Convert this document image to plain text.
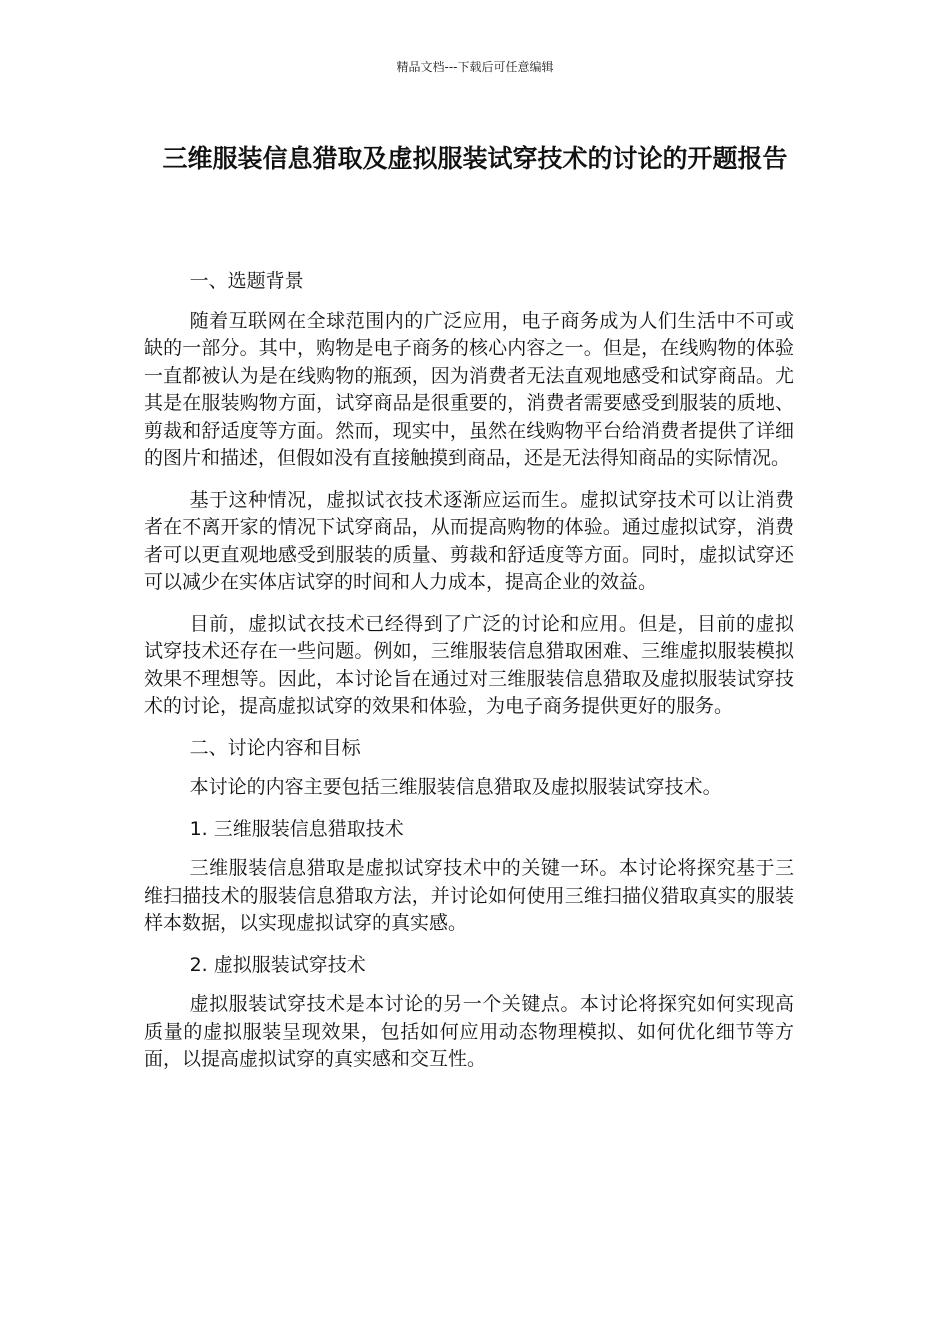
精品文档---下载后可任意编辑
三维服装信息猎取及虚拟服装试穿技术的讨论的开题报告

一、选题背景

随着互联网在全球范围内的广泛应用，电子商务成为人们生活中不可或缺的一部分。其中，购物是电子商务的核心内容之一。但是，在线购物的体验一直都被认为是在线购物的瓶颈，因为消费者无法直观地感受和试穿商品。尤其是在服装购物方面，试穿商品是很重要的，消费者需要感受到服装的质地、剪裁和舒适度等方面。然而，现实中，虽然在线购物平台给消费者提供了详细的图片和描述，但假如没有直接触摸到商品，还是无法得知商品的实际情况。

基于这种情况，虚拟试衣技术逐渐应运而生。虚拟试穿技术可以让消费者在不离开家的情况下试穿商品，从而提高购物的体验。通过虚拟试穿，消费者可以更直观地感受到服装的质量、剪裁和舒适度等方面。同时，虚拟试穿还可以减少在实体店试穿的时间和人力成本，提高企业的效益。

目前，虚拟试衣技术已经得到了广泛的讨论和应用。但是，目前的虚拟试穿技术还存在一些问题。例如，三维服装信息猎取困难、三维虚拟服装模拟效果不理想等。因此，本讨论旨在通过对三维服装信息猎取及虚拟服装试穿技术的讨论，提高虚拟试穿的效果和体验，为电子商务提供更好的服务。

二、讨论内容和目标

本讨论的内容主要包括三维服装信息猎取及虚拟服装试穿技术。

1. 三维服装信息猎取技术

三维服装信息猎取是虚拟试穿技术中的关键一环。本讨论将探究基于三维扫描技术的服装信息猎取方法，并讨论如何使用三维扫描仪猎取真实的服装样本数据，以实现虚拟试穿的真实感。

2. 虚拟服装试穿技术

虚拟服装试穿技术是本讨论的另一个关键点。本讨论将探究如何实现高质量的虚拟服装呈现效果，包括如何应用动态物理模拟、如何优化细节等方面，以提高虚拟试穿的真实感和交互性。
